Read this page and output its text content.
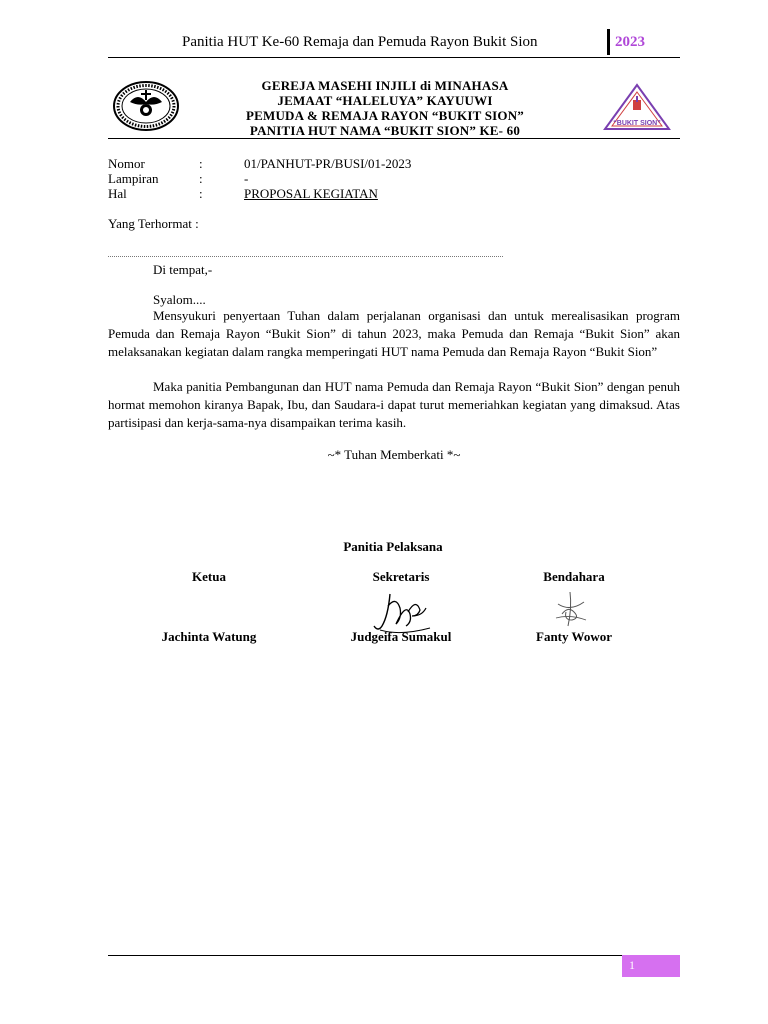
Panitia HUT Ke-60 Remaja dan Pemuda Rayon Bukit Sion	2023
GEREJA MASEHI INJILI di MINAHASA
JEMAAT “HALELUYA” KAYUUWI
PEMUDA & REMAJA RAYON “BUKIT SION”
PANITIA HUT NAMA “BUKIT SION” KE- 60	“BUKIT SION”
Nomor	:	01/PANHUT-PR/BUSI/01-2023
Lampiran	:	-
Hal	:	PROPOSAL KEGIATAN
Yang Terhormat :
Di tempat,-
Syalom....
Mensyukuri penyertaan Tuhan dalam perjalanan organisasi dan untuk merealisasikan program Pemuda dan Remaja Rayon “Bukit Sion” di tahun 2023, maka Pemuda dan Remaja “Bukit Sion” akan melaksanakan kegiatan dalam rangka memperingati HUT nama Pemuda dan Remaja Rayon “Bukit Sion”
Maka panitia Pembangunan dan HUT nama Pemuda dan Remaja Rayon “Bukit Sion” dengan penuh hormat memohon kiranya Bapak, Ibu, dan Saudara-i dapat turut memeriahkan kegiatan yang dimaksud. Atas partisipasi dan kerja-sama-nya disampaikan terima kasih.
~* Tuhan Memberkati *~
Panitia Pelaksana
Ketua	Sekretaris	Bendahara
Jachinta Watung	Judgeifa Sumakul	Fanty Wowor
1
